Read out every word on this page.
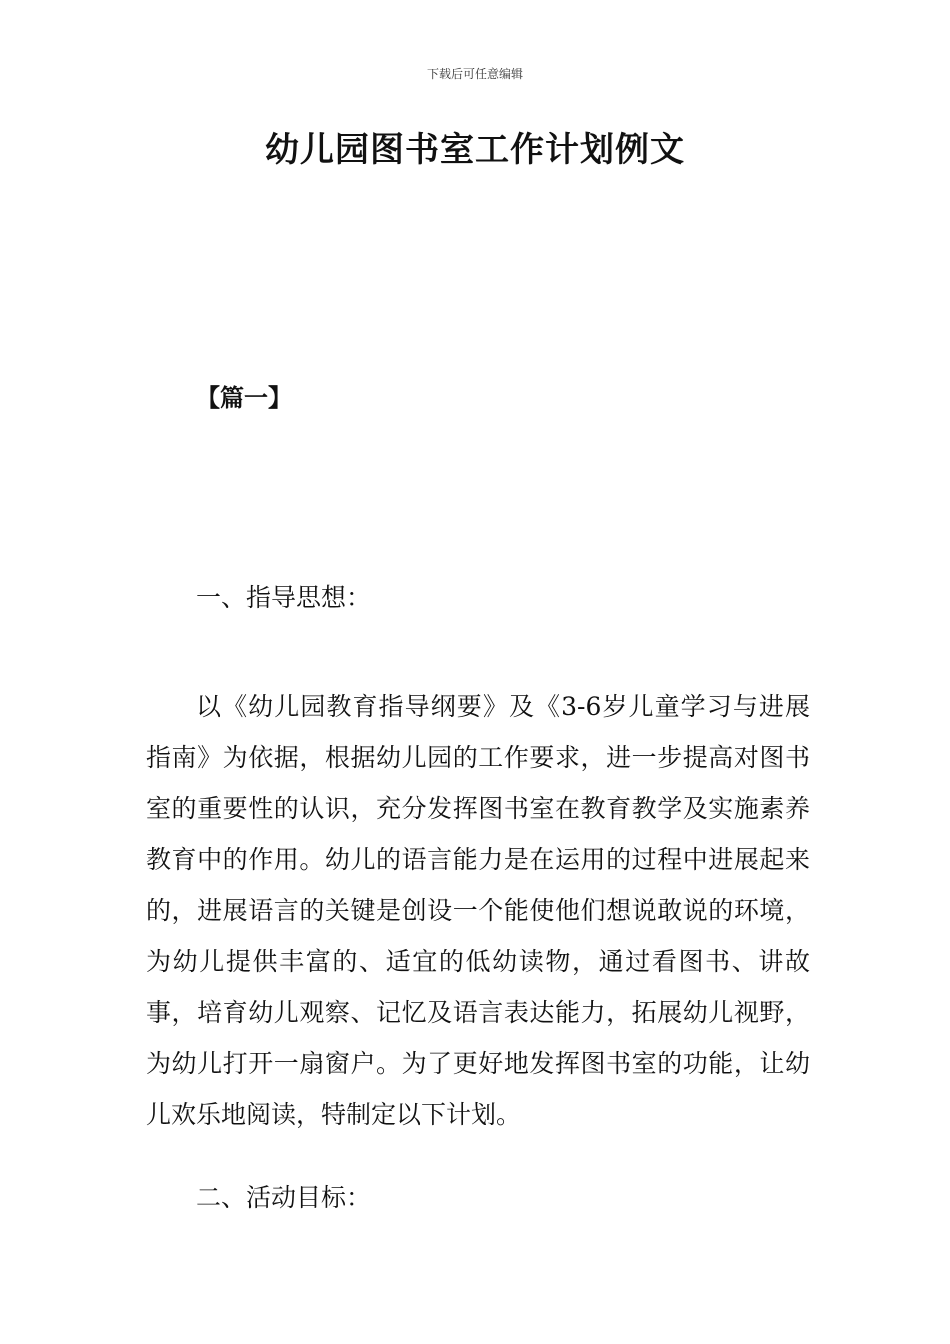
下载后可任意编辑
幼儿园图书室工作计划例文
【篇一】
一、指导思想：

以《幼儿园教育指导纲要》及《3-6岁儿童学习与进展指南》为依据，根据幼儿园的工作要求，进一步提高对图书室的重要性的认识，充分发挥图书室在教育教学及实施素养教育中的作用。幼儿的语言能力是在运用的过程中进展起来的，进展语言的关键是创设一个能使他们想说敢说的环境，为幼儿提供丰富的、适宜的低幼读物，通过看图书、讲故事，培育幼儿观察、记忆及语言表达能力，拓展幼儿视野，为幼儿打开一扇窗户。为了更好地发挥图书室的功能，让幼儿欢乐地阅读，特制定以下计划。

二、活动目标：
